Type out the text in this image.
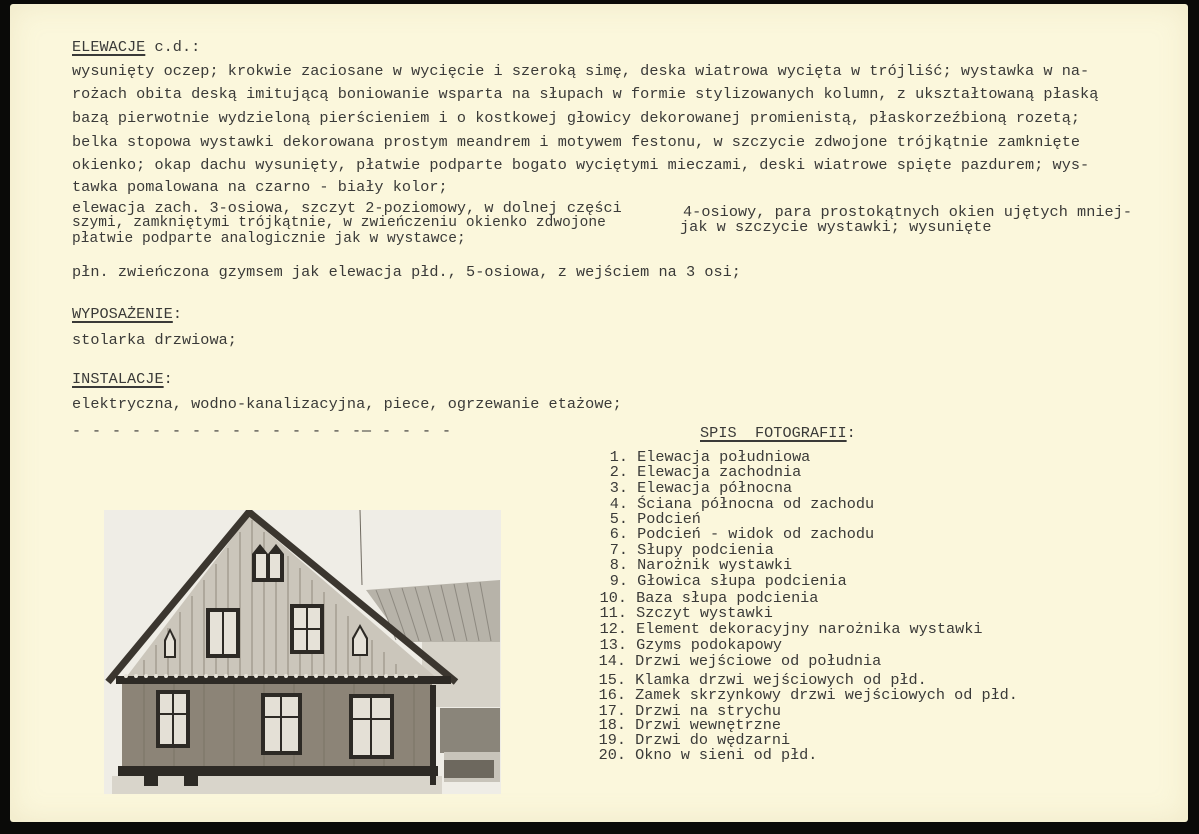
ELEWACJE c.d.:
wysunięty oczep; krokwie zaciosane w wycięcie i szeroką simę, deska wiatrowa wycięta w trójliść; wystawka w na-
rożach obita deską imitującą boniowanie wsparta na słupach w formie stylizowanych kolumn, z ukształtowaną płaską
bazą pierwotnie wydzieloną pierścieniem i o kostkowej głowicy dekorowanej promienistą, płaskorzeźbioną rozetą;
belka stopowa wystawki dekorowana prostym meandrem i motywem festonu, w szczycie zdwojone trójkątnie zamknięte
okienko; okap dachu wysunięty, płatwie podparte bogato wyciętymi mieczami, deski wiatrowe spięte pazdurem; wys-
tawka pomalowana na czarno - biały kolor;
elewacja zach. 3-osiowa, szczyt 2-poziomowy, w dolnej części
szymi, zamkniętymi trójkątnie, w zwieńczeniu okienko zdwojone
płatwie podparte analogicznie jak w wystawce;
4-osiowy, para prostokątnych okien ujętych mniej-
jak w szczycie wystawki; wysunięte
płn. zwieńczona gzymsem jak elewacja płd., 5-osiowa, z wejściem na 3 osi;
WYPOSAŻENIE:
stolarka drzwiowa;
INSTALACJE:
elektryczna, wodno-kanalizacyjna, piece, ogrzewanie etażowe;
- - - - - - - - - - - - - - -— - - - -	SPIS  FOTOGRAFII:
1. Elewacja południowa
2. Elewacja zachodnia
3. Elewacja północna
4. Ściana północna od zachodu
5. Podcień
6. Podcień - widok od zachodu
7. Słupy podcienia
8. Narożnik wystawki
9. Głowica słupa podcienia
10. Baza słupa podcienia
11. Szczyt wystawki
12. Element dekoracyjny narożnika wystawki
13. Gzyms podokapowy
14. Drzwi wejściowe od południa
15. Klamka drzwi wejściowych od płd.
16. Zamek skrzynkowy drzwi wejściowych od płd.
17. Drzwi na strychu
18. Drzwi wewnętrzne
19. Drzwi do wędzarni
20. Okno w sieni od płd.
